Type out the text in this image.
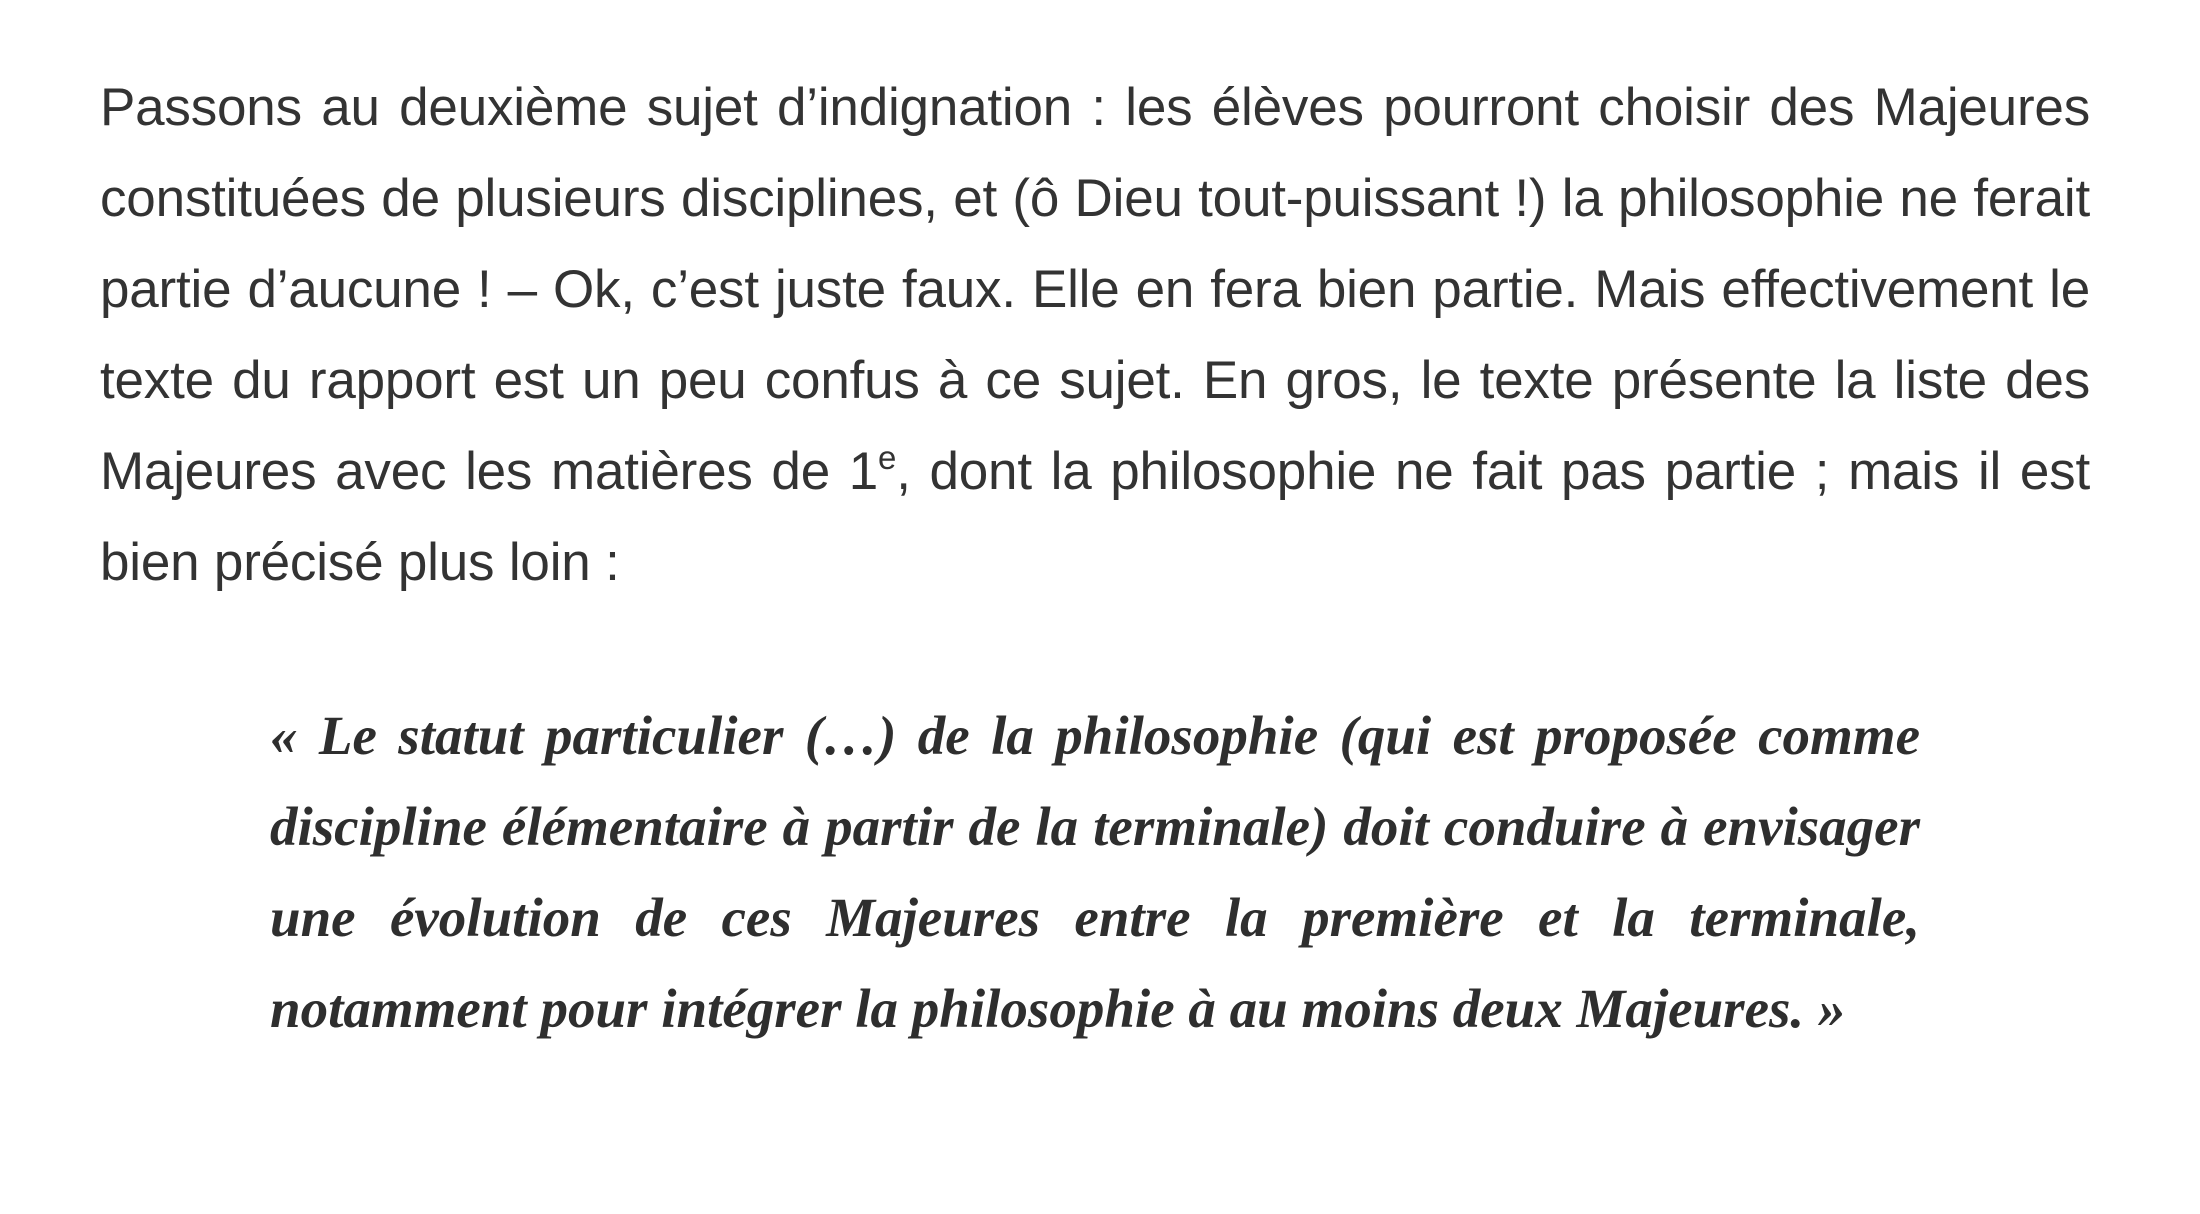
Passons au deuxième sujet d’indignation : les élèves pourront choisir des Majeures constituées de plusieurs disciplines, et (ô Dieu tout-puissant !) la philosophie ne ferait partie d’aucune ! – Ok, c’est juste faux. Elle en fera bien partie. Mais effectivement le texte du rapport est un peu confus à ce sujet. En gros, le texte présente la liste des Majeures avec les matières de 1e, dont la philosophie ne fait pas partie ; mais il est bien précisé plus loin :

« Le statut particulier (…) de la philosophie (qui est proposée comme discipline élémentaire à partir de la terminale) doit conduire à envisager une évolution de ces Majeures entre la première et la terminale, notamment pour intégrer la philosophie à au moins deux Majeures. »
